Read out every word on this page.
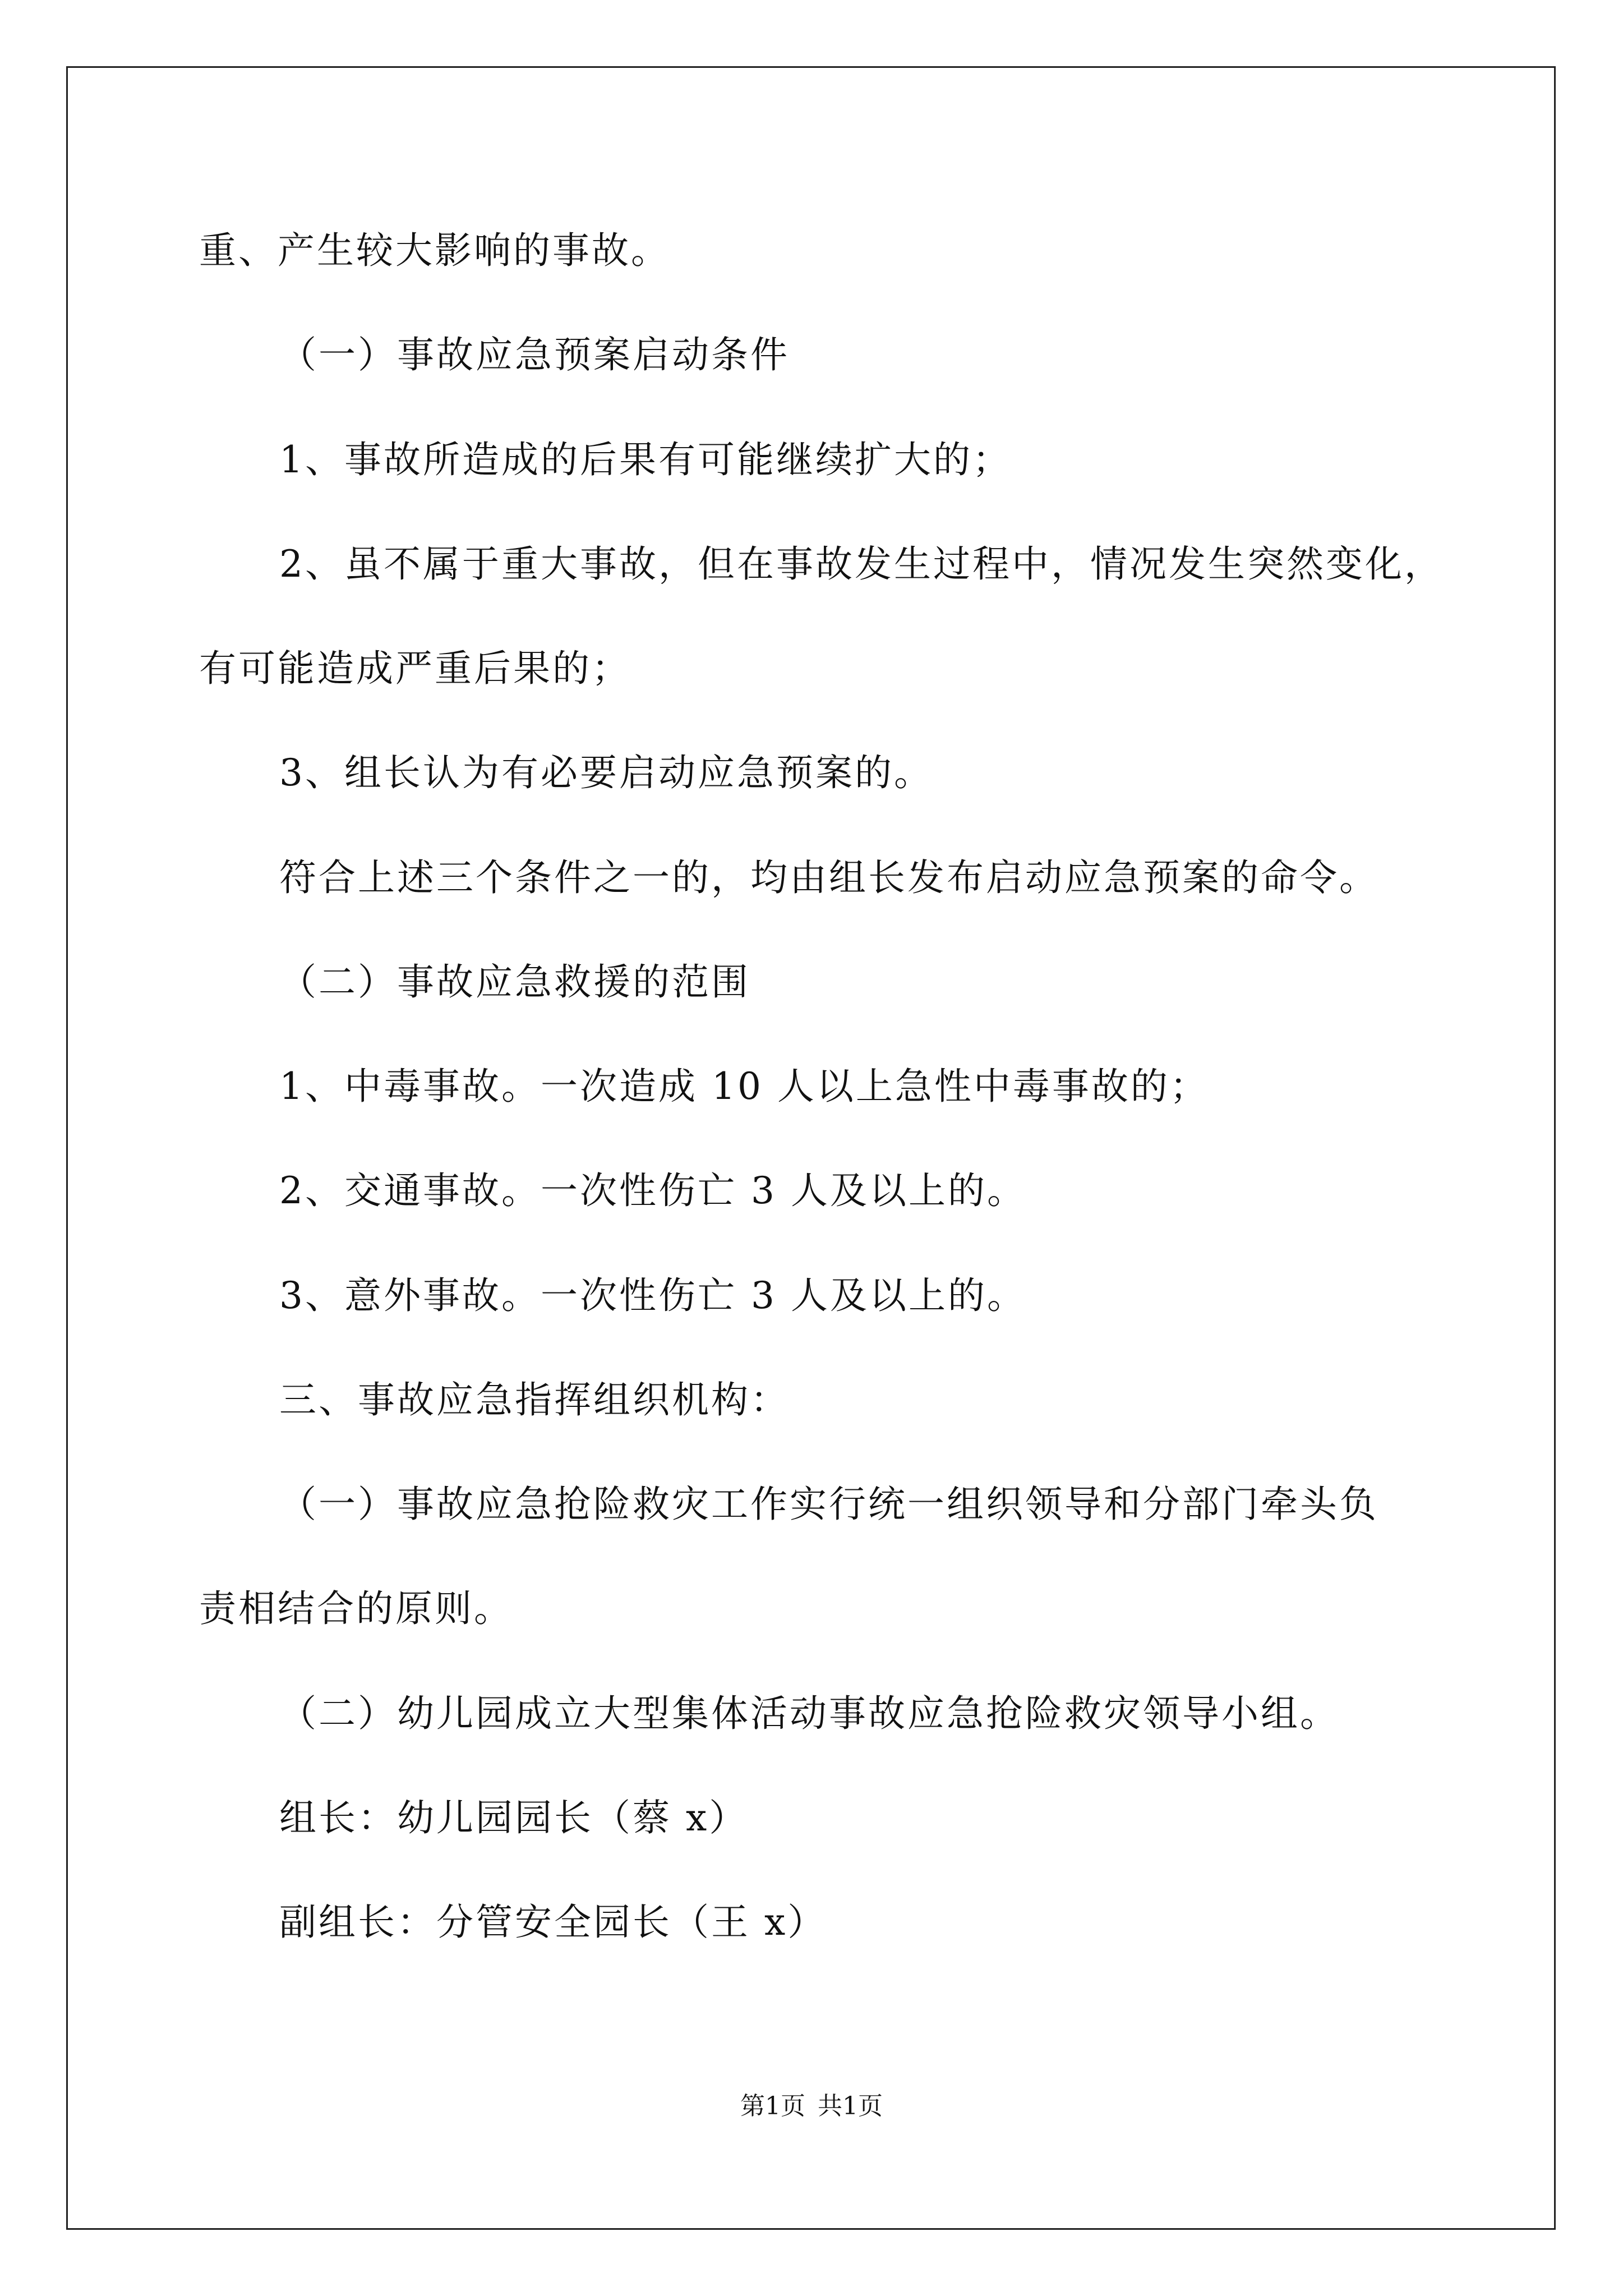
重、产生较大影响的事故。
（一）事故应急预案启动条件
1、事故所造成的后果有可能继续扩大的；
2、虽不属于重大事故，但在事故发生过程中，情况发生突然变化，
有可能造成严重后果的；
3、组长认为有必要启动应急预案的。
符合上述三个条件之一的，均由组长发布启动应急预案的命令。
（二）事故应急救援的范围
1、中毒事故。一次造成 10 人以上急性中毒事故的；
2、交通事故。一次性伤亡 3 人及以上的。
3、意外事故。一次性伤亡 3 人及以上的。
三、事故应急指挥组织机构：
（一）事故应急抢险救灾工作实行统一组织领导和分部门牵头负
责相结合的原则。
（二）幼儿园成立大型集体活动事故应急抢险救灾领导小组。
组长：幼儿园园长（蔡 x）
副组长：分管安全园长（王 x）
第1页 共1页
